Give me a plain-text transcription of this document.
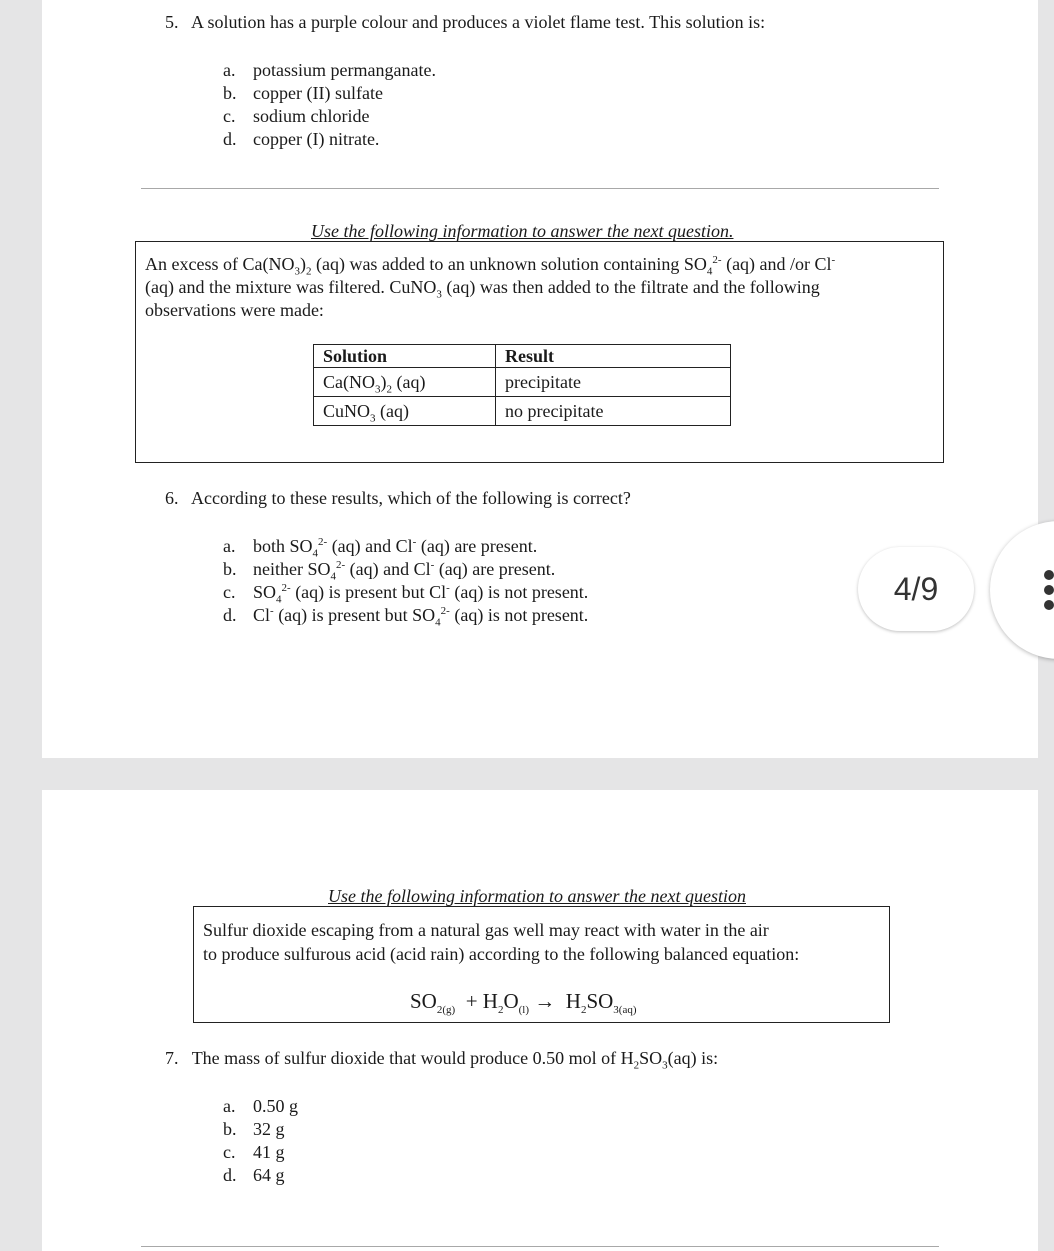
5. A solution has a purple colour and produces a violet flame test. This solution is:
a. potassium permanganate.
b. copper (II) sulfate
c. sodium chloride
d. copper (I) nitrate.
Use the following information to answer the next question.
An excess of $Ca(NO_3)_2$ (aq) was added to an unknown solution containing $SO_4^{2-}$ (aq) and /or Cl-
(aq) and the mixture was filtered. CuNO$_3$ (aq) was then added to the filtrate and the following
observations were made:
Solution	Result
$Ca(NO_3)_2$ (aq)	precipitate
CuNO$_3$ (aq)	no precipitate
6. According to these results, which of the following is correct?
a. both $SO_4^{2-}$ (aq) and Cl- (aq) are present.
b. neither $SO_4^{2-}$ (aq) and Cl- (aq) are present.
c. $SO_4^{2-}$ (aq) is present but Cl- (aq) is not present.
d. Cl- (aq) is present but $SO_4^{2-}$ (aq) is not present.
4/9
Use the following information to answer the next question
Sulfur dioxide escaping from a natural gas well may react with water in the air
to produce sulfurous acid (acid rain) according to the following balanced equation:
$SO_{2(g)} + H_2O_{(l)} \to H_2SO_{3(aq)}$
7. The mass of sulfur dioxide that would produce 0.50 mol of $H_2SO_3(aq)$ is:
a. 0.50 g
b. 32 g
c. 41 g
d. 64 g
